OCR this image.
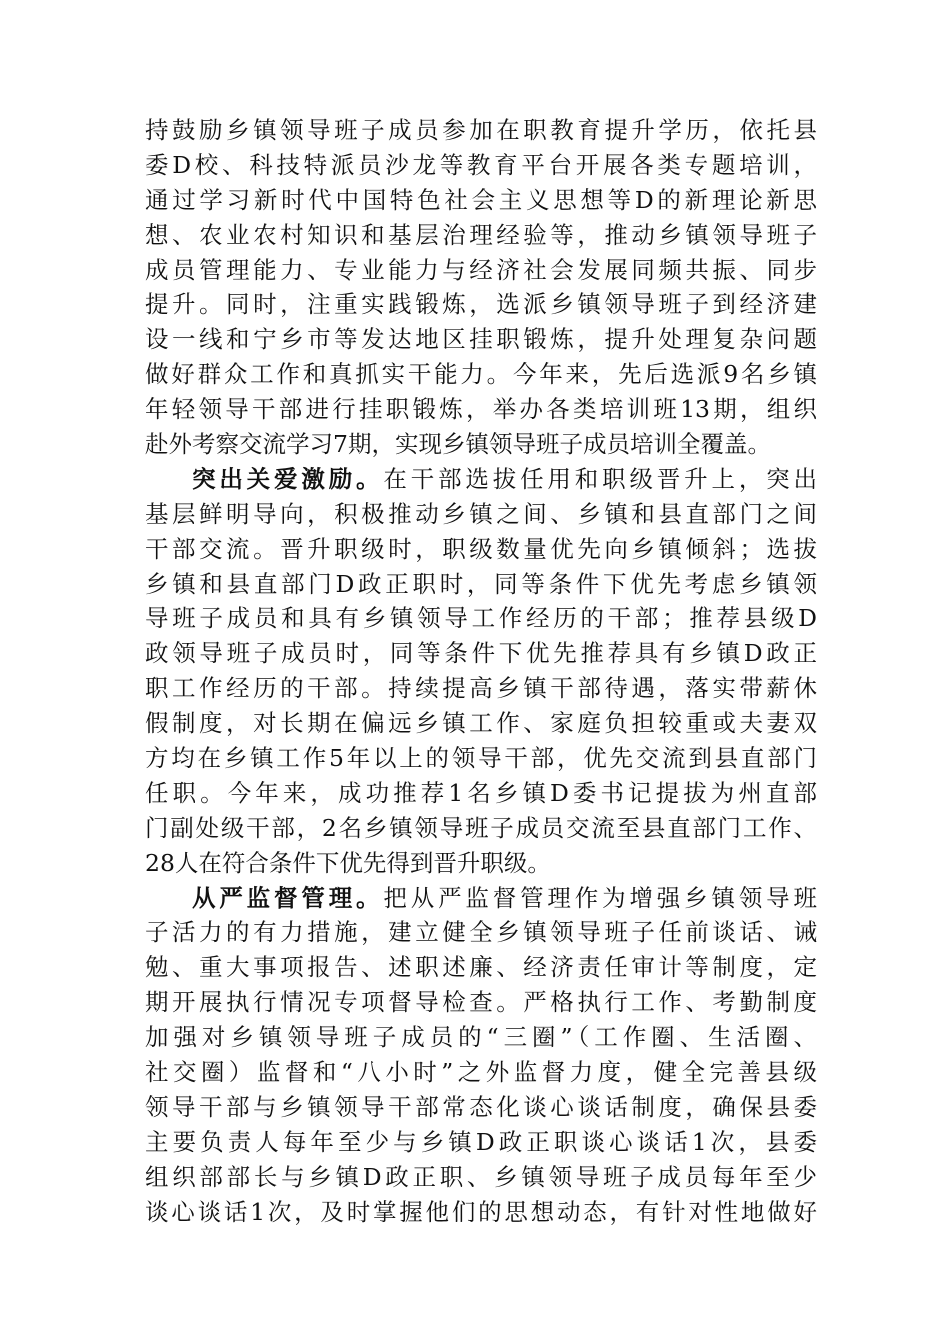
持鼓励乡镇领导班子成员参加在职教育提升学历，依托县
委D校、科技特派员沙龙等教育平台开展各类专题培训，
通过学习新时代中国特色社会主义思想等D的新理论新思
想、农业农村知识和基层治理经验等，推动乡镇领导班子
成员管理能力、专业能力与经济社会发展同频共振、同步
提升。同时，注重实践锻炼，选派乡镇领导班子到经济建
设一线和宁乡市等发达地区挂职锻炼，提升处理复杂问题
做好群众工作和真抓实干能力。今年来，先后选派9名乡镇
年轻领导干部进行挂职锻炼，举办各类培训班13期，组织
赴外考察交流学习7期，实现乡镇领导班子成员培训全覆盖。
突出关爱激励。在干部选拔任用和职级晋升上，突出
基层鲜明导向，积极推动乡镇之间、乡镇和县直部门之间
干部交流。晋升职级时，职级数量优先向乡镇倾斜；选拔
乡镇和县直部门D政正职时，同等条件下优先考虑乡镇领
导班子成员和具有乡镇领导工作经历的干部；推荐县级D
政领导班子成员时，同等条件下优先推荐具有乡镇D政正
职工作经历的干部。持续提高乡镇干部待遇，落实带薪休
假制度，对长期在偏远乡镇工作、家庭负担较重或夫妻双
方均在乡镇工作5年以上的领导干部，优先交流到县直部门
任职。今年来，成功推荐1名乡镇D委书记提拔为州直部
门副处级干部，2名乡镇领导班子成员交流至县直部门工作、
28人在符合条件下优先得到晋升职级。
从严监督管理。把从严监督管理作为增强乡镇领导班
子活力的有力措施，建立健全乡镇领导班子任前谈话、诫
勉、重大事项报告、述职述廉、经济责任审计等制度，定
期开展执行情况专项督导检查。严格执行工作、考勤制度
加强对乡镇领导班子成员的“三圈”（工作圈、生活圈、
社交圈）监督和“八小时”之外监督力度，健全完善县级
领导干部与乡镇领导干部常态化谈心谈话制度，确保县委
主要负责人每年至少与乡镇D政正职谈心谈话1次，县委
组织部部长与乡镇D政正职、乡镇领导班子成员每年至少
谈心谈话1次，及时掌握他们的思想动态，有针对性地做好
